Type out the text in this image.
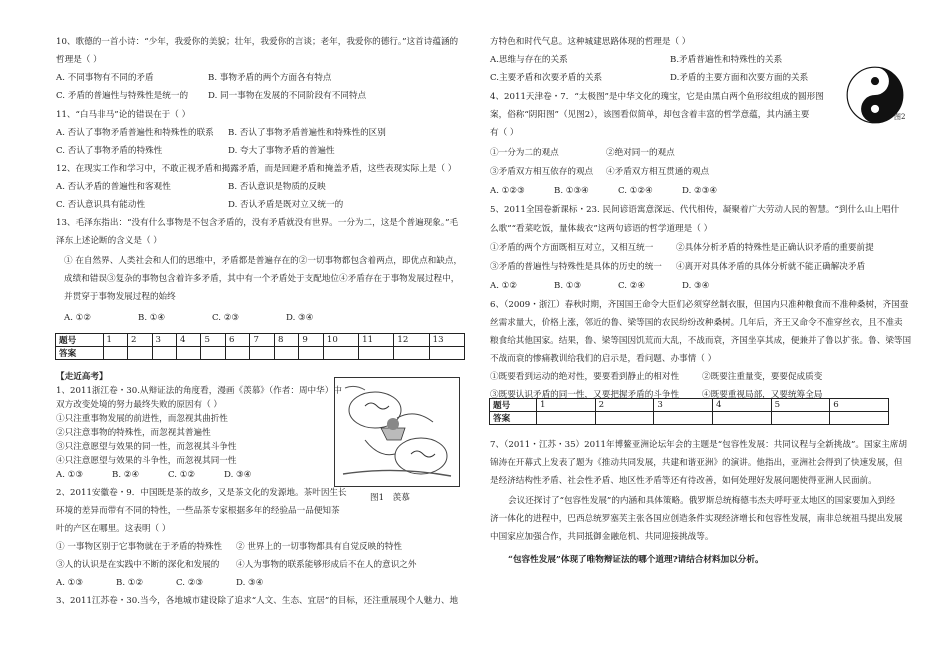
10、歌德的一首小诗：“少年，我爱你的美貌；壮年，我爱你的言谈；老年，我爱你的德行。”这首诗蕴涵的
哲理是（ ）
A. 不同事物有不同的矛盾	B. 事物矛盾的两个方面各有特点
C. 矛盾的普遍性与特殊性是统一的 D. 同一事物在发展的不同阶段有不同特点
11、“白马非马”论的错误在于（ ）
A. 否认了事物矛盾普遍性和特殊性的联系 B. 否认了事物矛盾普遍性和特殊性的区别
C. 否认了事物矛盾的特殊性	D. 夸大了事物矛盾的普遍性
12、在现实工作和学习中，不敢正视矛盾和揭露矛盾，而是回避矛盾和掩盖矛盾，这些表现实际上是（ ）
A. 否认矛盾的普遍性和客观性	B. 否认意识是物质的反映
C. 否认意识具有能动性	D. 否认矛盾是既对立又统一的
13、毛泽东指出：“没有什么事物是不包含矛盾的，没有矛盾就没有世界。一分为二，这是个普遍现象。”毛
泽东上述论断的含义是（ ）
① 在自然界、人类社会和人们的思维中，矛盾都是普遍存在的②一切事物都包含着两点，即优点和缺点，
成绩和错误③复杂的事物包含着许多矛盾，其中有一个矛盾处于支配地位④矛盾存在于事物发展过程中，
并贯穿于事物发展过程的始终
A. ①②	B. ①④	C. ②③	D. ③④
题号	1	2	3	4	5	6	7	8	9	10	11	12	13
答案													
【走近高考】
1、2011浙江卷・30.从辩证法的角度看，漫画《羡慕》（作者：周中华）中
双方改变处境的努力最终失败的原因有（ ）
①只注重事物发展的前进性，而忽视其曲折性
②只注意事物的特殊性，而忽视其普遍性
③只注意愿望与效果的同一性，而忽视其斗争性
④只注意愿望与效果的斗争性，而忽视其同一性
A. ①③	B. ②④	C. ①②	D. ③④
2、2011安徽卷・9．中国既是茶的故乡，又是茶文化的发源地。茶叶因生长
环境的差异而带有不同的特性，一些品茶专家根据多年的经验品一品便知茶
叶的产区在哪里。这表明（ ）
① 一事物区别于它事物就在于矛盾的特殊性 ② 世界上的一切事物都具有自觉反映的特性
③人的认识是在实践中不断的深化和发展的 ④人为事物的联系能够形成后不在人的意识之外
A. ①③	B. ①②	C. ②③	D. ③④
3、2011江苏卷・30.当今，各地城市建设除了追求“人文、生态、宜居”的目标，还注重展现个人魅力、地
图1　羡慕
方特色和时代气息。这种城建思路体现的哲理是（ ）
A.思维与存在的关系	B.矛盾普遍性和特殊性的关系
C.主要矛盾和次要矛盾的关系	D.矛盾的主要方面和次要方面的关系
4、2011天津卷・7．“太极图”是中华文化的瑰宝，它是由黑白两个鱼形纹组成的圆形图
案，俗称“阴阳图”（见图2），该图看似简单，却包含着丰富的哲学意蕴，其内涵主要
有（ ）
①一分为二的观点	②绝对同一的观点
③矛盾双方相互依存的观点 ④矛盾双方相互贯通的观点
A. ①②③	B. ①③④	C. ①②④	D. ②③④
5、2011全国卷新课标・23. 民间谚语寓意深远、代代相传，凝聚着广大劳动人民的智慧。“到什么山上唱什
么歌”“看菜吃饭，量体裁衣”这两句谚语的哲学道理是（ ）
①矛盾的两个方面既相互对立，又相互统一	②具体分析矛盾的特殊性是正确认识矛盾的重要前提
③矛盾的普遍性与特殊性是具体的历史的统一 ④离开对具体矛盾的具体分析就不能正确解决矛盾
A. ①②	B. ①③	C. ②④	D. ③④
6、（2009・浙江）春秋时期，齐国国王命令大臣们必须穿丝制衣服，但国内只准种粮食而不准种桑树，齐国蚕
丝需求量大，价格上涨，邻近的鲁、梁等国的农民纷纷改种桑树。几年后，齐王又命令不准穿丝衣，且不准卖
粮食给其他国家。结果，鲁、梁等国因饥荒而大乱，不战而衰，齐国坐享其成，便兼并了鲁以扩张。鲁、梁等国
不战而衰的惨痛教训给我们的启示是，看问题、办事情（ ）
①既要看到运动的绝对性，要要看到静止的相对性	②既要注重量变，要要促成质变
③既要认识矛盾的同一性，又要把握矛盾的斗争性	④既要重视局部，又要统筹全局
图2
题号	1	2	3	4	5	6
答案						
7、（2011・江苏・35）2011年博鳌亚洲论坛年会的主题是“包容性发展：共同议程与全新挑战”。国家主席胡
锦涛在开幕式上发表了题为《推动共同发展，共建和谐亚洲》的演讲。他指出，亚洲社会得到了快速发展，但
是经济结构性矛盾、社会性矛盾、地区性矛盾等还有待改善，如何处理好发展问题使得亚洲人民面前。
会议还探讨了“包容性发展”的内涵和具体策略。俄罗斯总统梅德韦杰夫呼吁亚太地区的国家要加入到经
济一体化的进程中，巴西总统罗塞芙主张各国应创造条件实现经济增长和包容性发展，南非总统祖马提出发展
中国家应加强合作，共同抵御金融危机、共同迎接挑战等。
“包容性发展”体现了唯物辩证法的哪个道理?请结合材料加以分析。
